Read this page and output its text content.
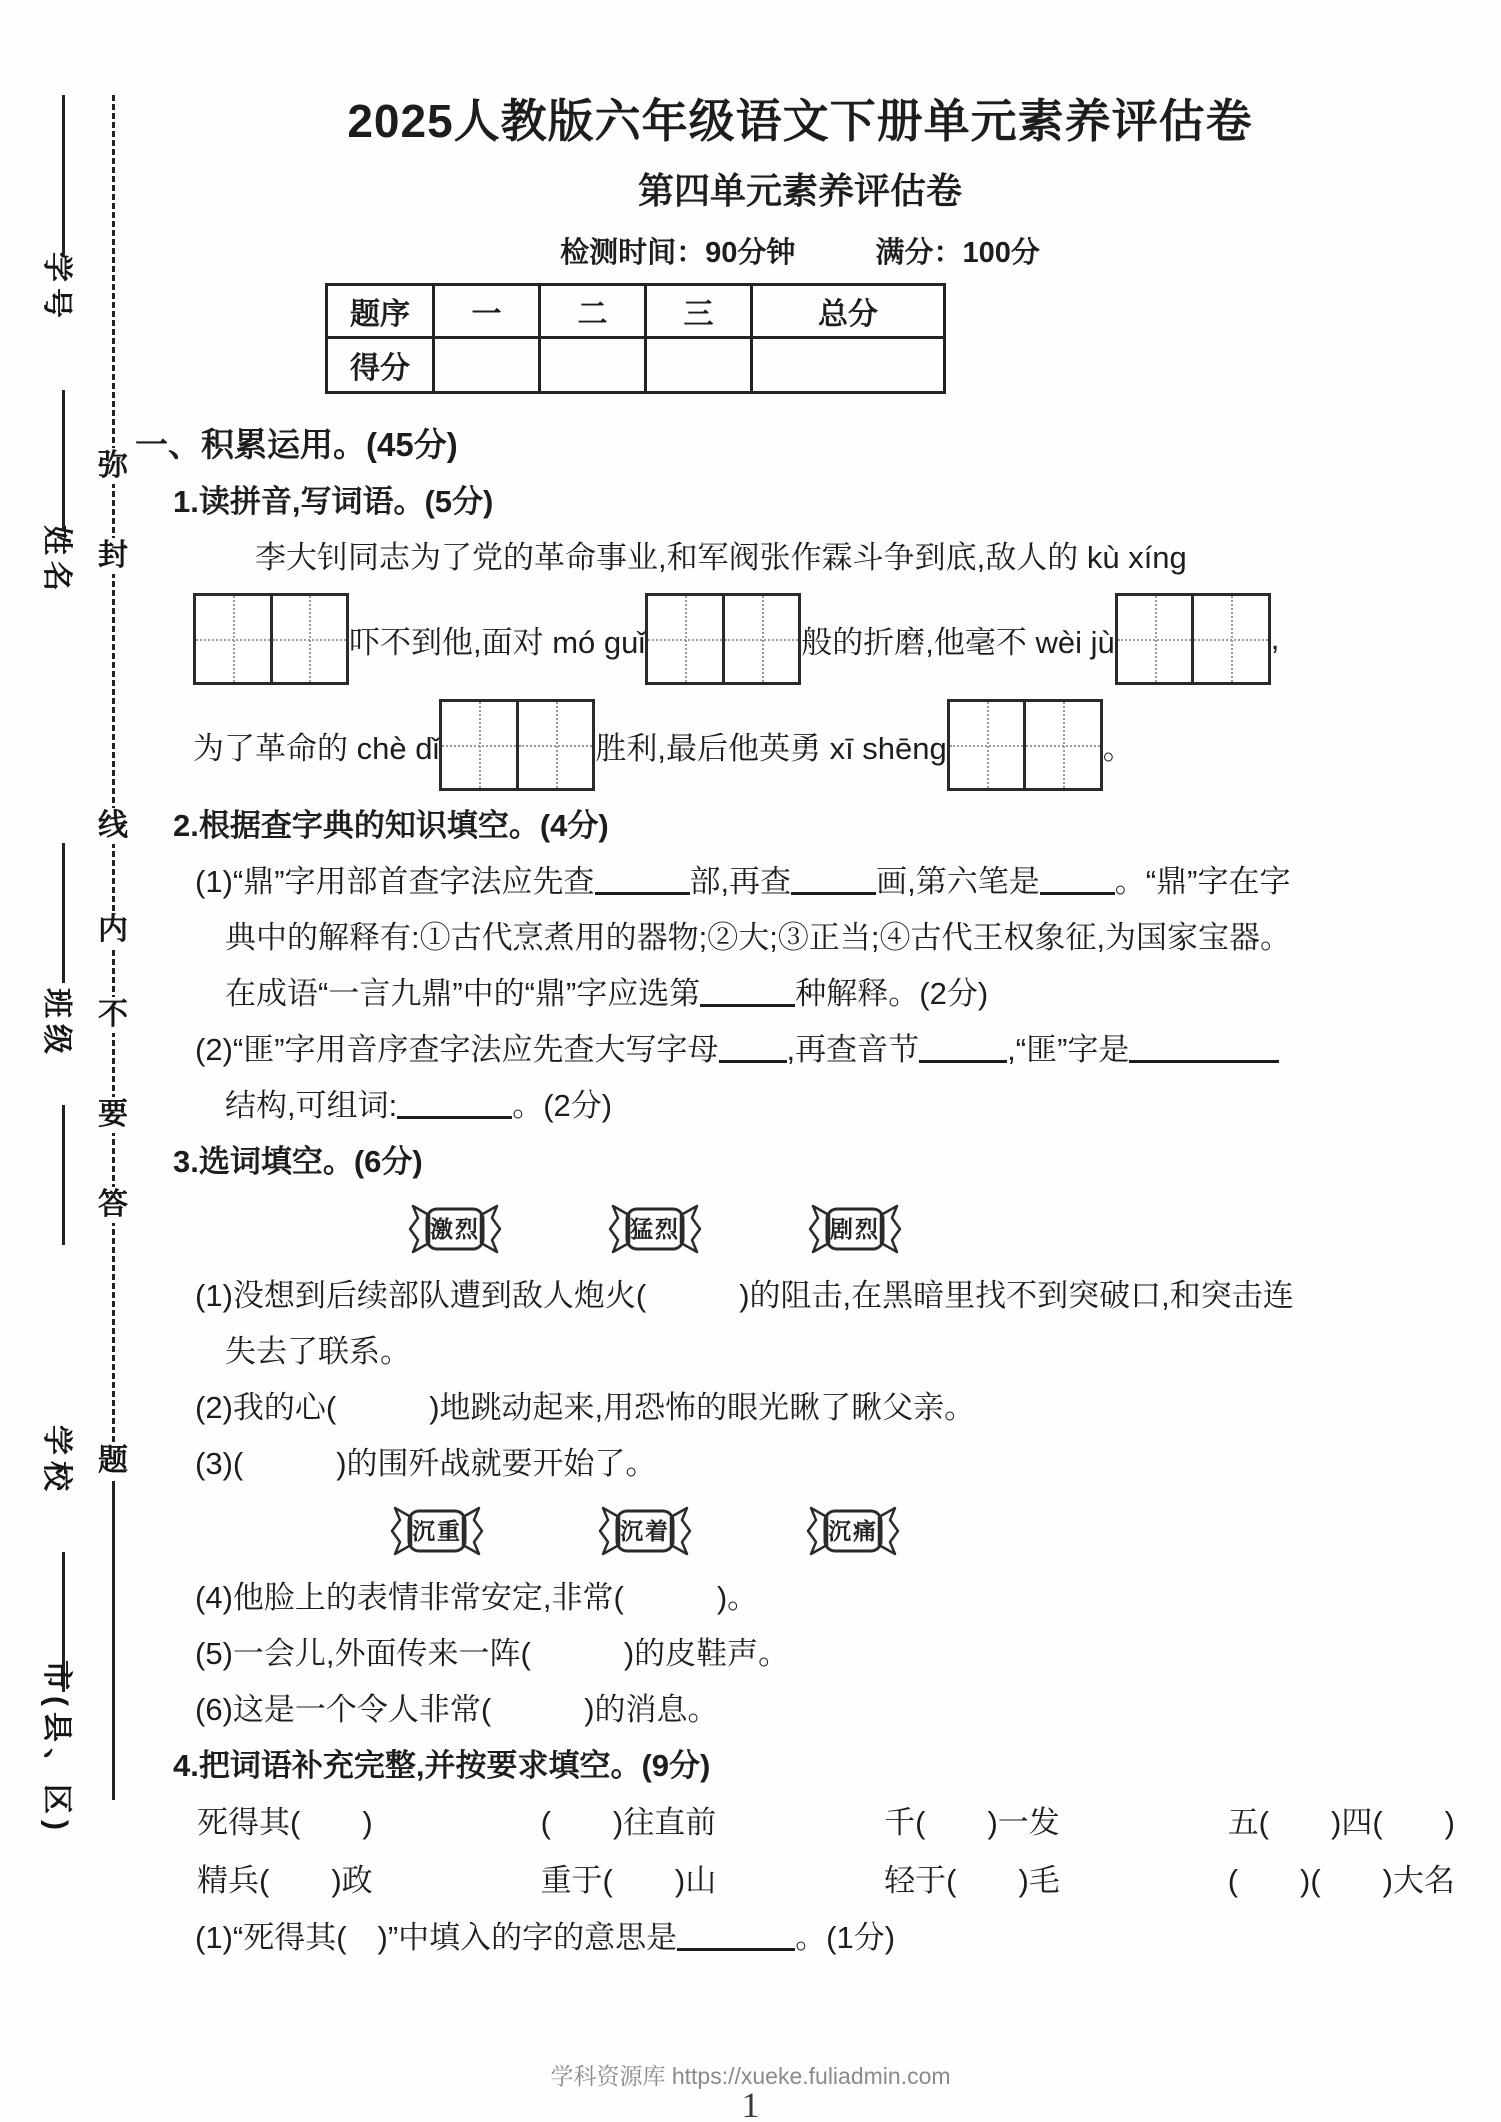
学号
姓名
班级
学校
市(县、区)
弥
封
线
内
不
要
答
题
2025人教版六年级语文下册单元素养评估卷
第四单元素养评估卷

检测时间：90分钟	满分：100分

题序	一	二	三	总分
得分				

一、积累运用。(45分)

1.读拼音,写词语。(5分)

李大钊同志为了党的革命事业,和军阀张作霖斗争到底,敌人的 kù xíng

吓不到他,面对 mó guǐ	般的折磨,他毫不 wèi jù	,
为了革命的 chè dǐ	胜利,最后他英勇 xī shēng	。

2.根据查字典的知识填空。(4分)

(1)“鼎”字用部首查字法应先查	部,再查	画,第六笔是 。“鼎”字在字

典中的解释有:①古代烹煮用的器物;②大;③正当;④古代王权象征,为国家宝器。

在成语“一言九鼎”中的“鼎”字应选第	种解释。(2分)

(2)“匪”字用音序查字法应先查大写字母 ,再查音节	,“匪”字是

结构,可组词:	。(2分)

3.选词填空。(6分)

激烈	猛烈	剧烈

(1)没想到后续部队遭到敌人炮火(　　　)的阻击,在黑暗里找不到突破口,和突击连

失去了联系。

(2)我的心(　　　)地跳动起来,用恐怖的眼光瞅了瞅父亲。

(3)(　　　)的围歼战就要开始了。

沉重	沉着	沉痛

(4)他脸上的表情非常安定,非常(　　　)。

(5)一会儿,外面传来一阵(　　　)的皮鞋声。

(6)这是一个令人非常(　　　)的消息。

4.把词语补充完整,并按要求填空。(9分)

死得其(　　)	(　　)往直前	千(　　)一发	五(　　)四(　　)
精兵(　　)政	重于(　　)山	轻于(　　)毛	(　　)(　　)大名

(1)“死得其(　)”中填入的字的意思是	。(1分)

学科资源库 https://xueke.fuliadmin.com
1
